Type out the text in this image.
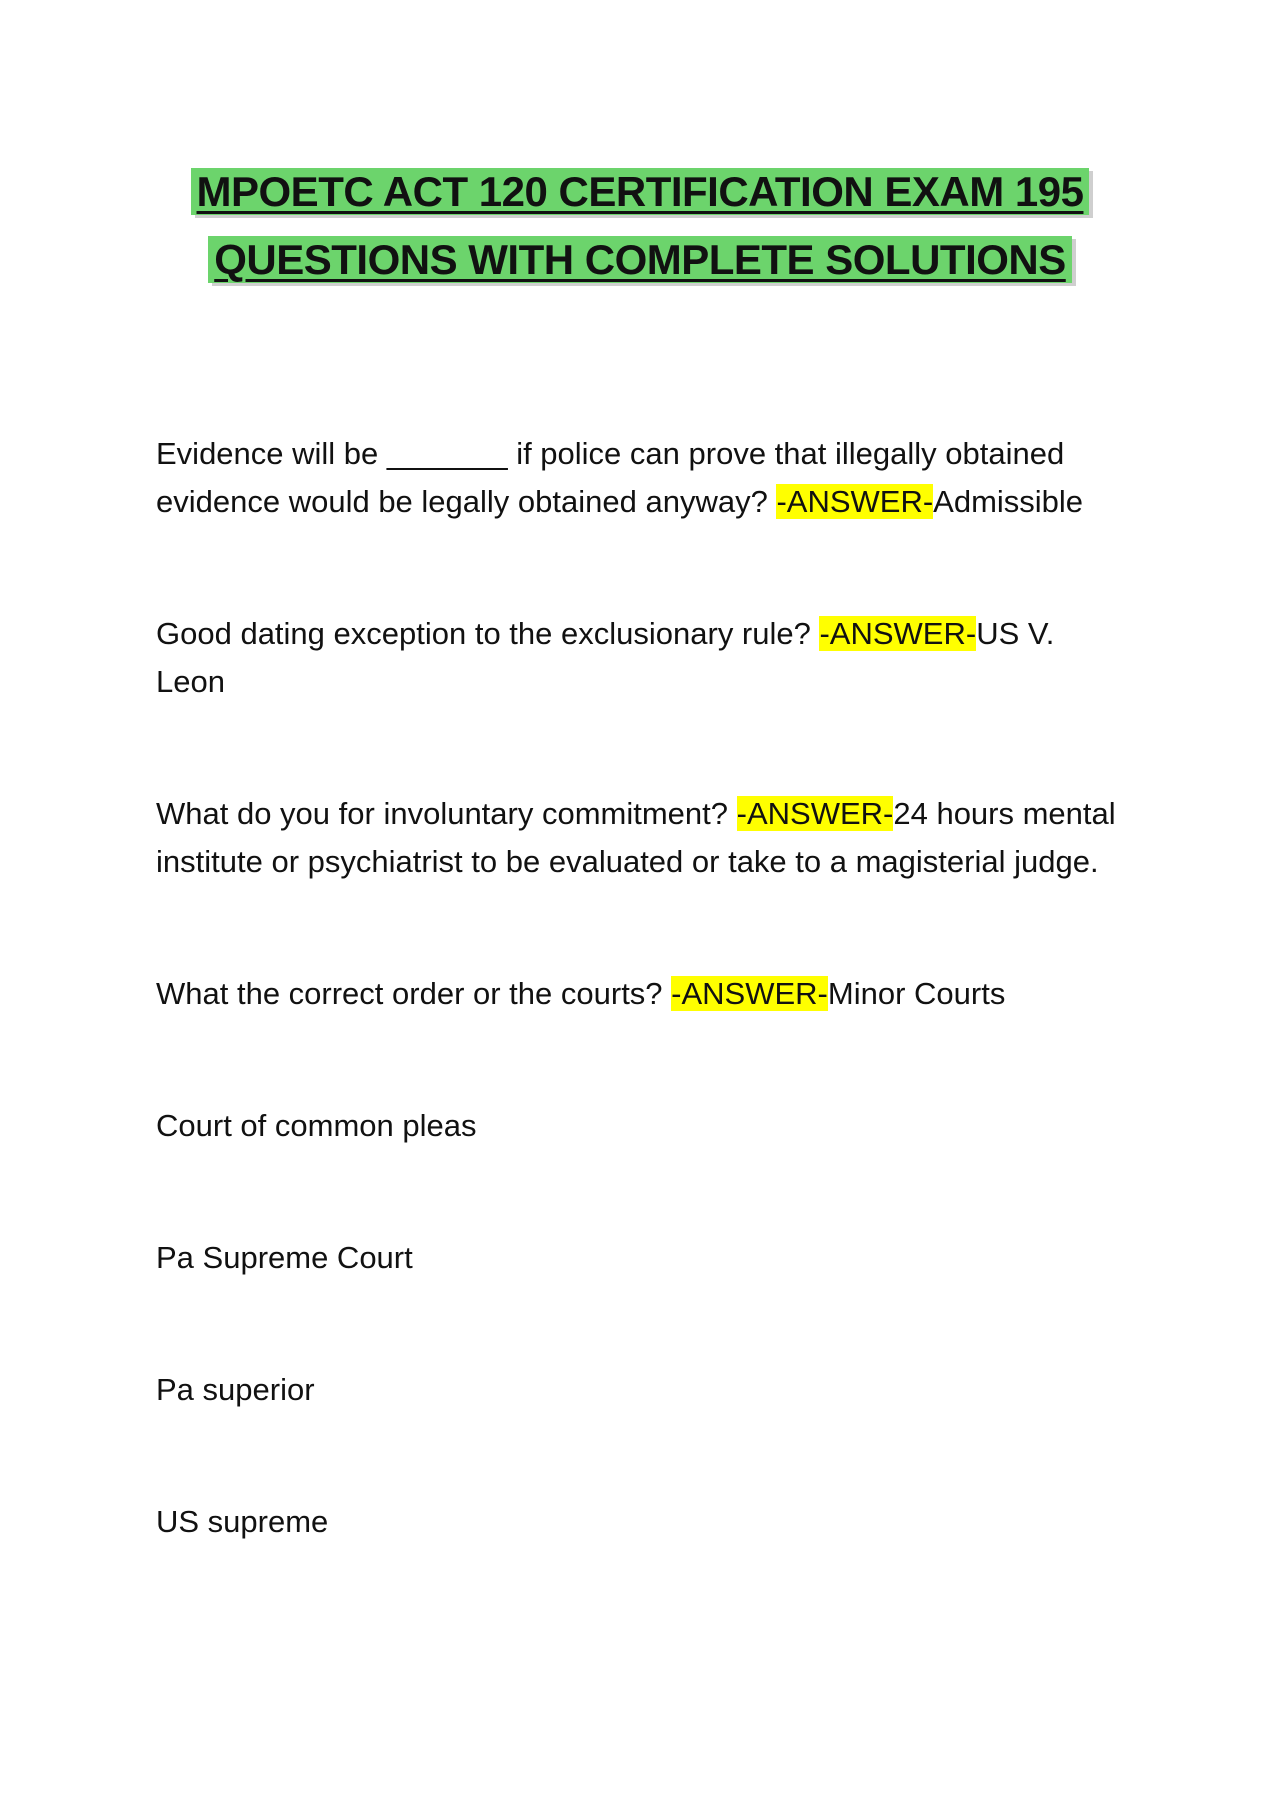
MPOETC ACT 120 CERTIFICATION EXAM 195
QUESTIONS WITH COMPLETE SOLUTIONS

Evidence will be _______ if police can prove that illegally obtained evidence would be legally obtained anyway? -ANSWER-Admissible

Good dating exception to the exclusionary rule? -ANSWER-US V. Leon

What do you for involuntary commitment? -ANSWER-24 hours mental institute or psychiatrist to be evaluated or take to a magisterial judge.

What the correct order or the courts? -ANSWER-Minor Courts

Court of common pleas

Pa Supreme Court

Pa superior

US supreme
